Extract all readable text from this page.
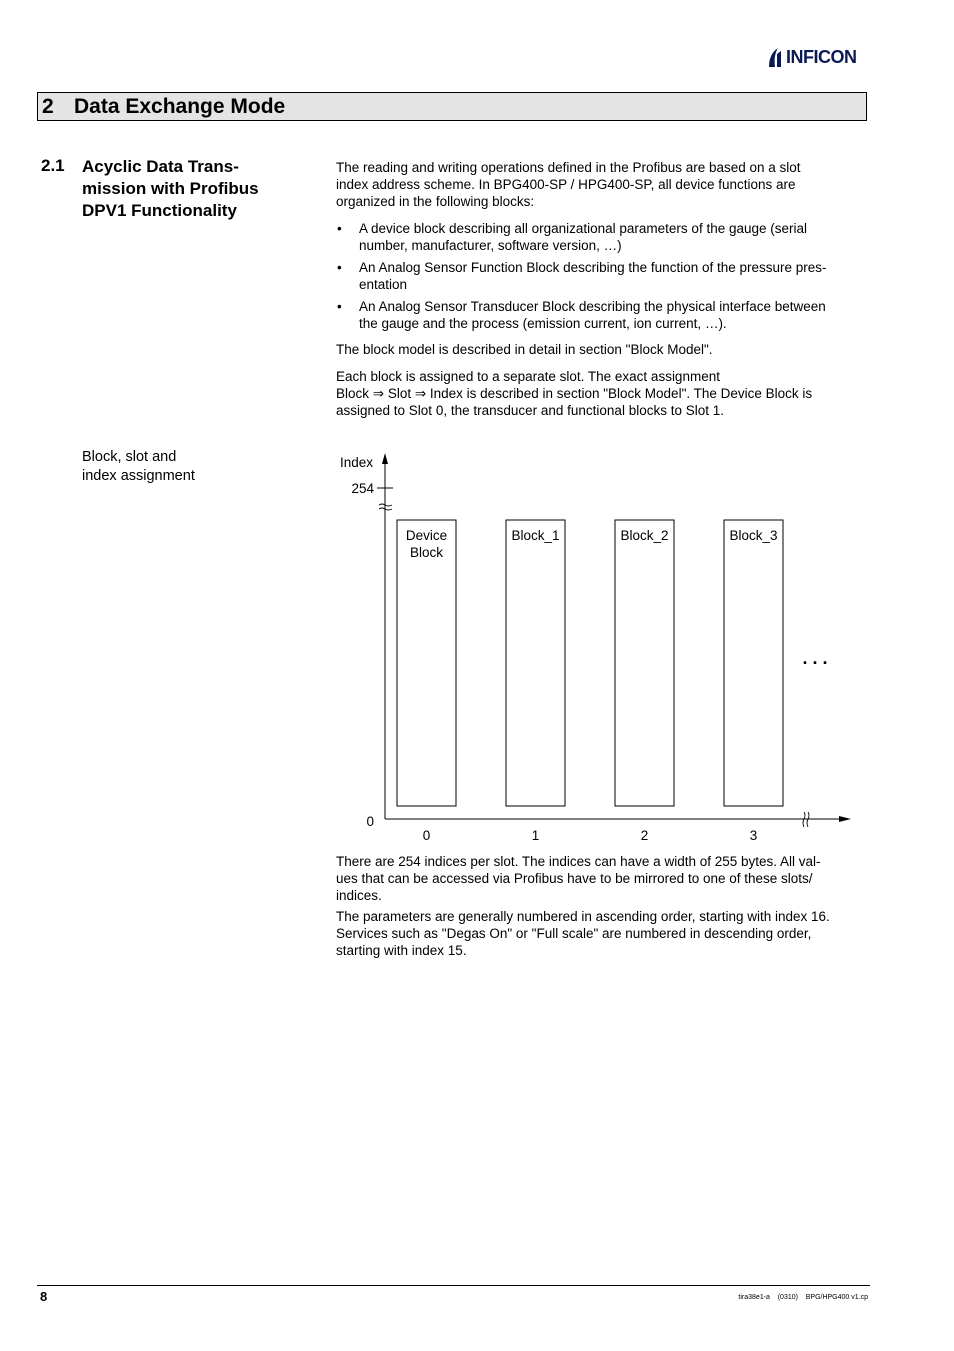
INFICON
2 Data Exchange Mode
2.1 Acyclic Data Trans-
mission with Profibus
DPV1 Functionality
The reading and writing operations defined in the Profibus are based on a slot
index address scheme. In BPG400-SP / HPG400-SP, all device functions are
organized in the following blocks:
• A device block describing all organizational parameters of the gauge (serial
number, manufacturer, software version, …)
• An Analog Sensor Function Block describing the function of the pressure pres-
entation
• An Analog Sensor Transducer Block describing the physical interface between
the gauge and the process (emission current, ion current, …).
The block model is described in detail in section "Block Model".
Each block is assigned to a separate slot. The exact assignment
Block ⇒ Slot ⇒ Index is described in section "Block Model". The Device Block is
assigned to Slot 0, the transducer and functional blocks to Slot 1.
Block, slot and
index assignment
254
Index
0
Device
Block
0
Block_1
1
Block_2
2
Block_3
3
. . .
There are 254 indices per slot. The indices can have a width of 255 bytes. All val-
ues that can be accessed via Profibus have to be mirrored to one of these slots/
indices.
The parameters are generally numbered in ascending order, starting with index 16.
Services such as "Degas On" or "Full scale" are numbered in descending order,
starting with index 15.
8	tira38e1-a    (0310)    BPG/HPG400 v1.cp
